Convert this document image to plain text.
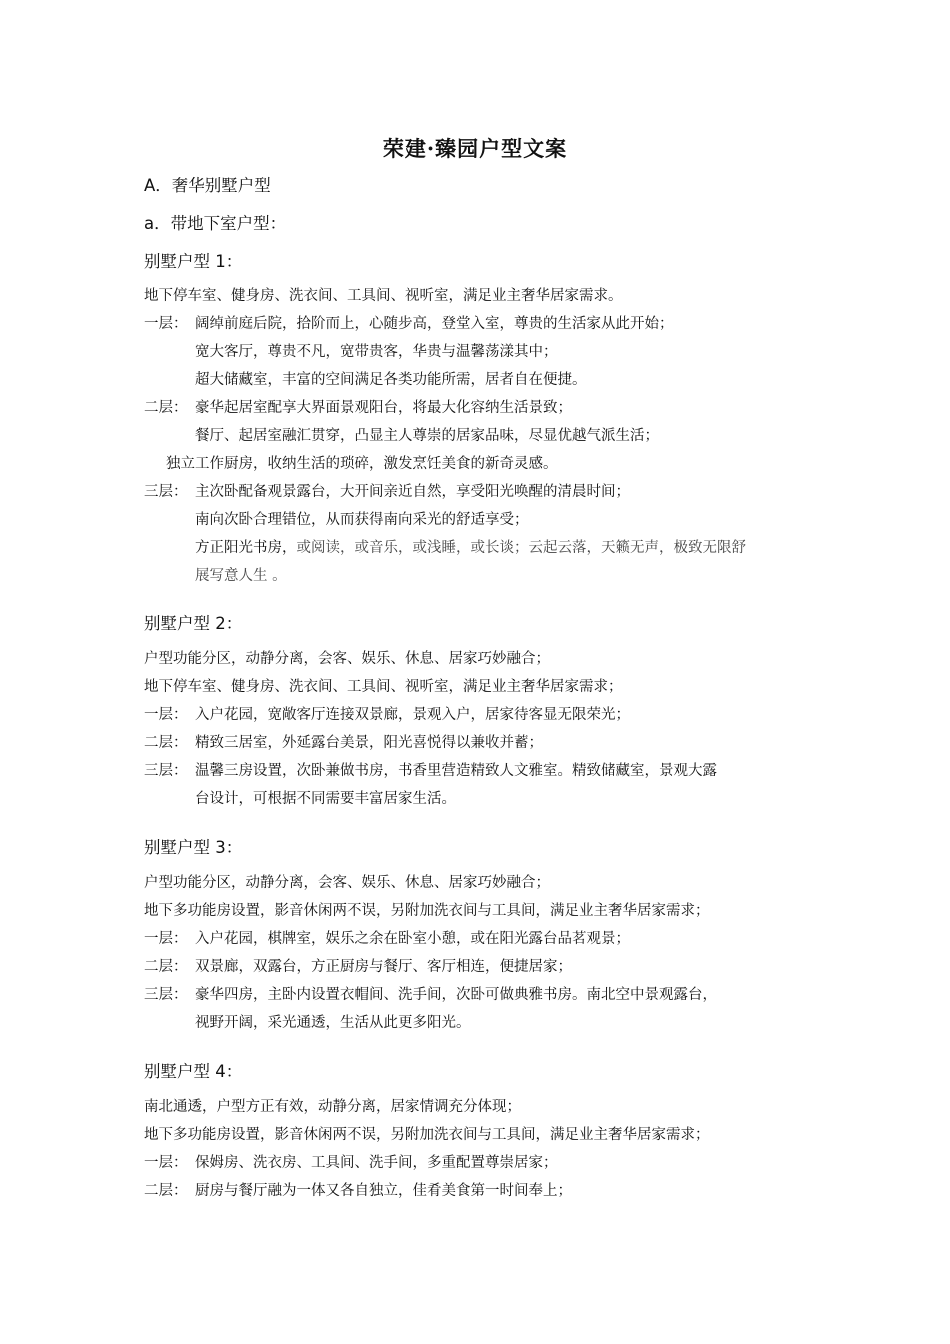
荣建·臻园户型文案
A．奢华别墅户型
a．带地下室户型：
别墅户型 1：
地下停车室、健身房、洗衣间、工具间、视听室，满足业主奢华居家需求。
一层： 阔绰前庭后院，拾阶而上，心随步高，登堂入室，尊贵的生活家从此开始；
宽大客厅，尊贵不凡，宽带贵客，华贵与温馨荡漾其中；
超大储藏室，丰富的空间满足各类功能所需，居者自在便捷。
二层： 豪华起居室配享大界面景观阳台，将最大化容纳生活景致；
餐厅、起居室融汇贯穿，凸显主人尊崇的居家品味，尽显优越气派生活；
独立工作厨房，收纳生活的琐碎，激发烹饪美食的新奇灵感。
三层： 主次卧配备观景露台，大开间亲近自然，享受阳光唤醒的清晨时间；
南向次卧合理错位，从而获得南向采光的舒适享受；
方正阳光书房，或阅读，或音乐，或浅睡，或长谈；云起云落，天籁无声，极致无限舒
展写意人生 。
别墅户型 2：
户型功能分区，动静分离，会客、娱乐、休息、居家巧妙融合；
地下停车室、健身房、洗衣间、工具间、视听室，满足业主奢华居家需求；
一层： 入户花园，宽敞客厅连接双景廊，景观入户，居家待客显无限荣光；
二层： 精致三居室，外延露台美景，阳光喜悦得以兼收并蓄；
三层： 温馨三房设置，次卧兼做书房，书香里营造精致人文雅室。精致储藏室，景观大露
台设计，可根据不同需要丰富居家生活。
别墅户型 3：
户型功能分区，动静分离，会客、娱乐、休息、居家巧妙融合；
地下多功能房设置，影音休闲两不误，另附加洗衣间与工具间，满足业主奢华居家需求；
一层： 入户花园，棋牌室，娱乐之余在卧室小憩，或在阳光露台品茗观景；
二层： 双景廊，双露台，方正厨房与餐厅、客厅相连，便捷居家；
三层： 豪华四房，主卧内设置衣帽间、洗手间，次卧可做典雅书房。南北空中景观露台，
视野开阔，采光通透，生活从此更多阳光。
别墅户型 4：
南北通透，户型方正有效，动静分离，居家情调充分体现；
地下多功能房设置，影音休闲两不误，另附加洗衣间与工具间，满足业主奢华居家需求；
一层： 保姆房、洗衣房、工具间、洗手间，多重配置尊崇居家；
二层： 厨房与餐厅融为一体又各自独立，佳肴美食第一时间奉上；
